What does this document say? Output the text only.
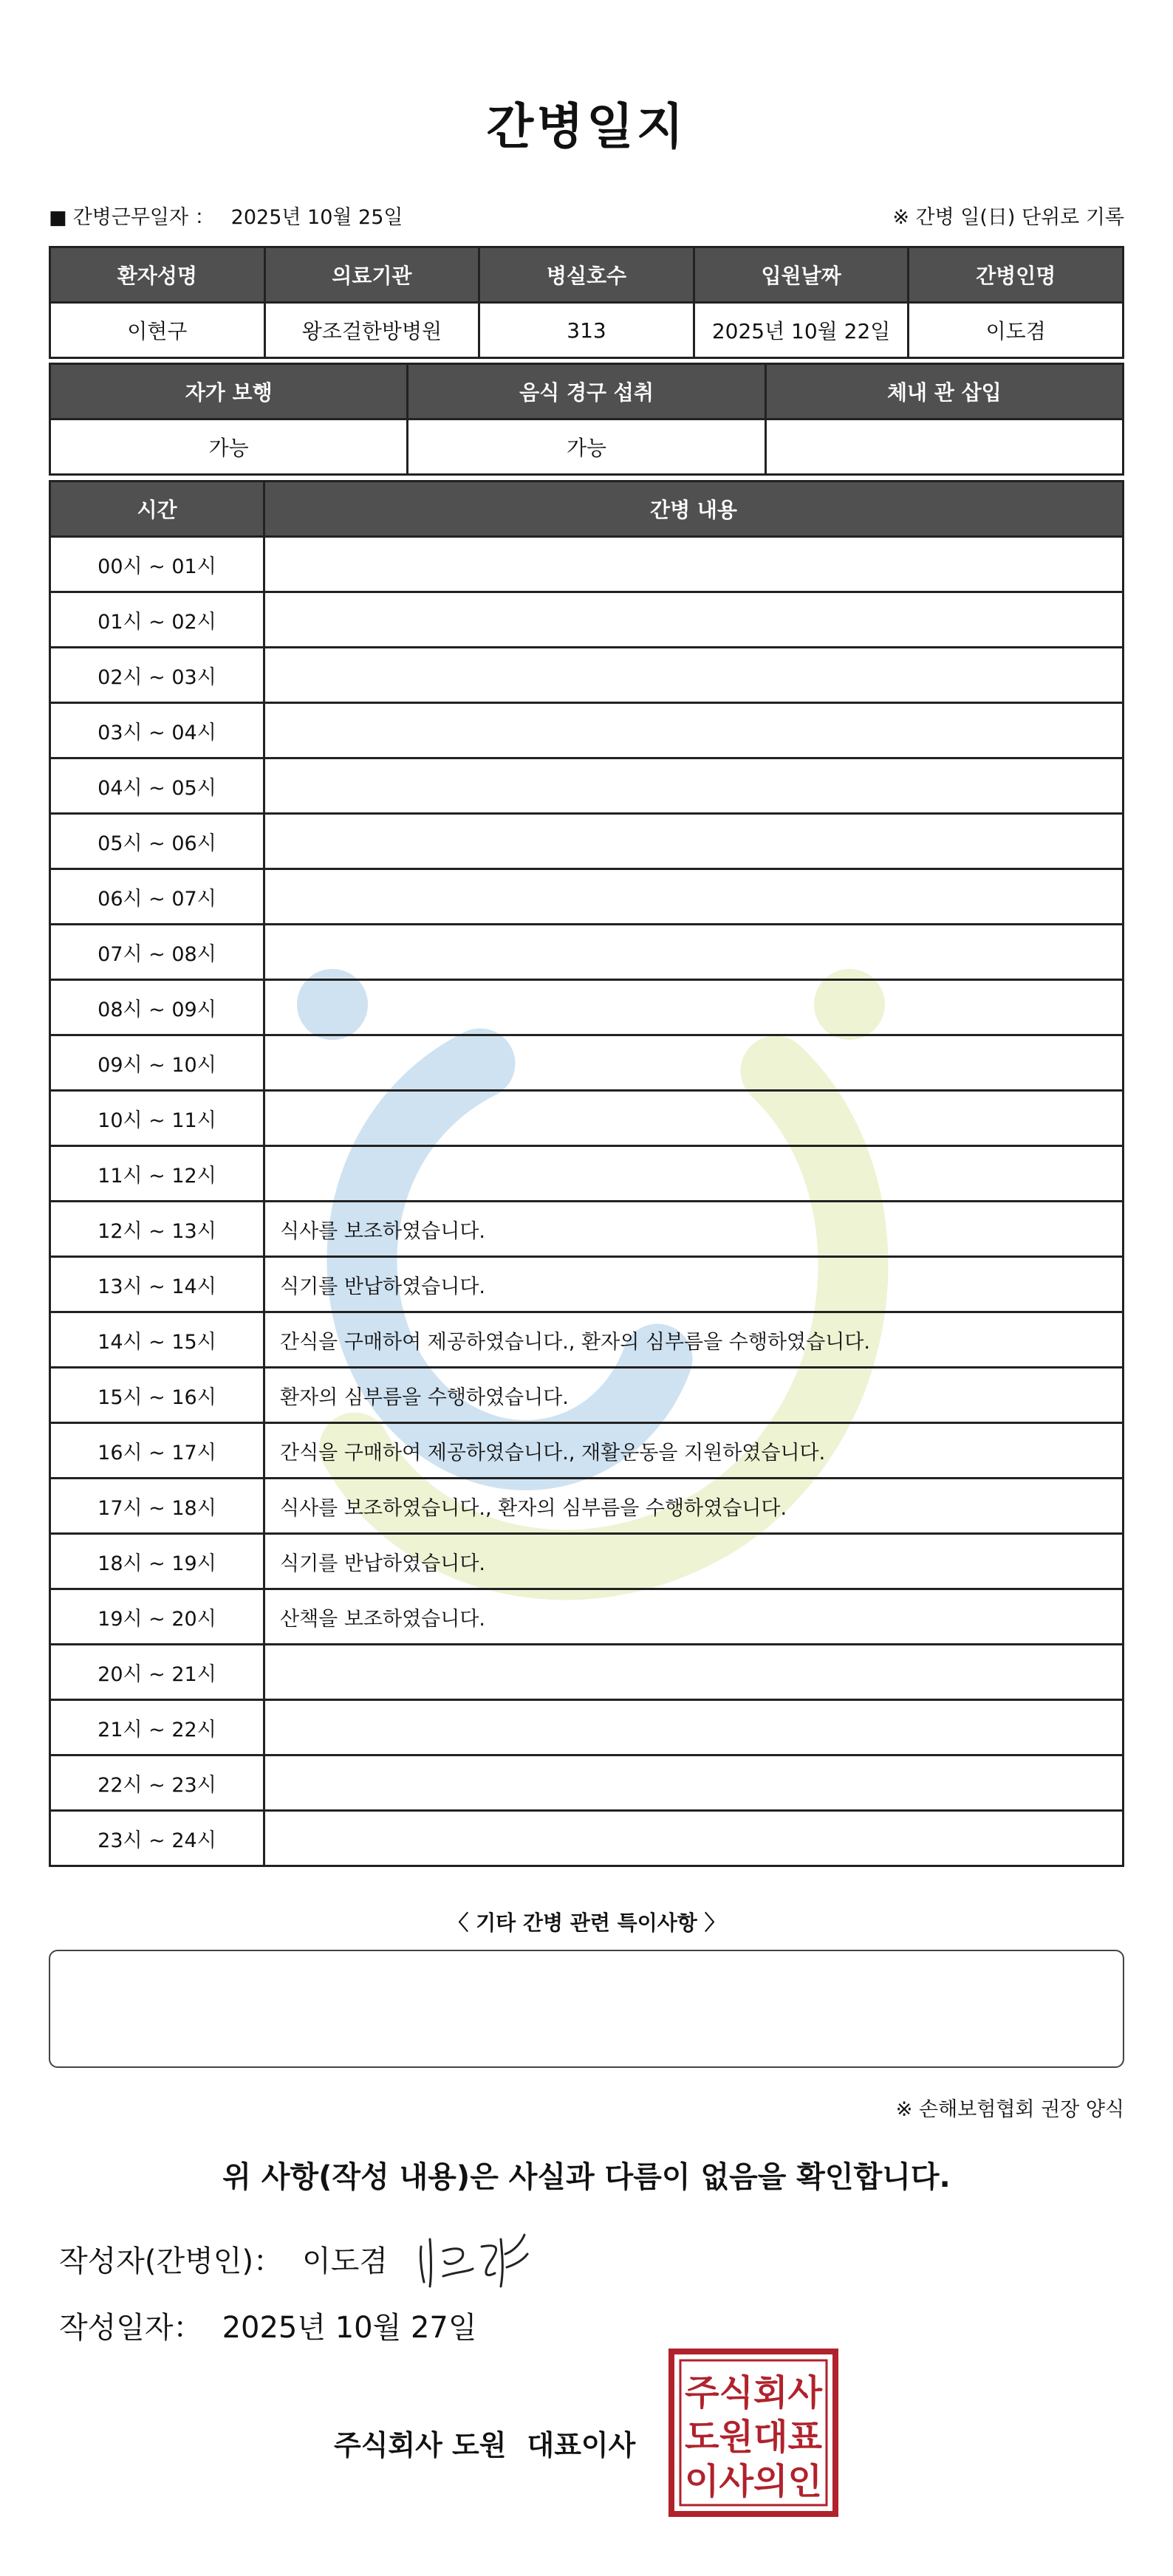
간병일지
■ 간병근무일자 ： 2025년 10월 25일	※ 간병 일(日) 단위로 기록
환자성명	의료기관	병실호수	입원날짜	간병인명
이현구	왕조걸한방병원	313	2025년 10월 22일	이도겸
자가 보행	음식 경구 섭취	체내 관 삽입
가능	가능	
시간	간병 내용
00시 ~ 01시	
01시 ~ 02시	
02시 ~ 03시	
03시 ~ 04시	
04시 ~ 05시	
05시 ~ 06시	
06시 ~ 07시	
07시 ~ 08시	
08시 ~ 09시	
09시 ~ 10시	
10시 ~ 11시	
11시 ~ 12시	
12시 ~ 13시	식사를 보조하였습니다.
13시 ~ 14시	식기를 반납하였습니다.
14시 ~ 15시	간식을 구매하여 제공하였습니다., 환자의 심부름을 수행하였습니다.
15시 ~ 16시	환자의 심부름을 수행하였습니다.
16시 ~ 17시	간식을 구매하여 제공하였습니다., 재활운동을 지원하였습니다.
17시 ~ 18시	식사를 보조하였습니다., 환자의 심부름을 수행하였습니다.
18시 ~ 19시	식기를 반납하였습니다.
19시 ~ 20시	산책을 보조하였습니다.
20시 ~ 21시	
21시 ~ 22시	
22시 ~ 23시	
23시 ~ 24시	
〈 기타 간병 관련 특이사항 〉
※ 손해보험협회 권장 양식
위 사항(작성 내용)은 사실과 다름이 없음을 확인합니다.
작성자(간병인)： 이도겸
작성일자： 2025년 10월 27일
주식회사 도원 대표이사
주식회사
도원대표
이사의인
